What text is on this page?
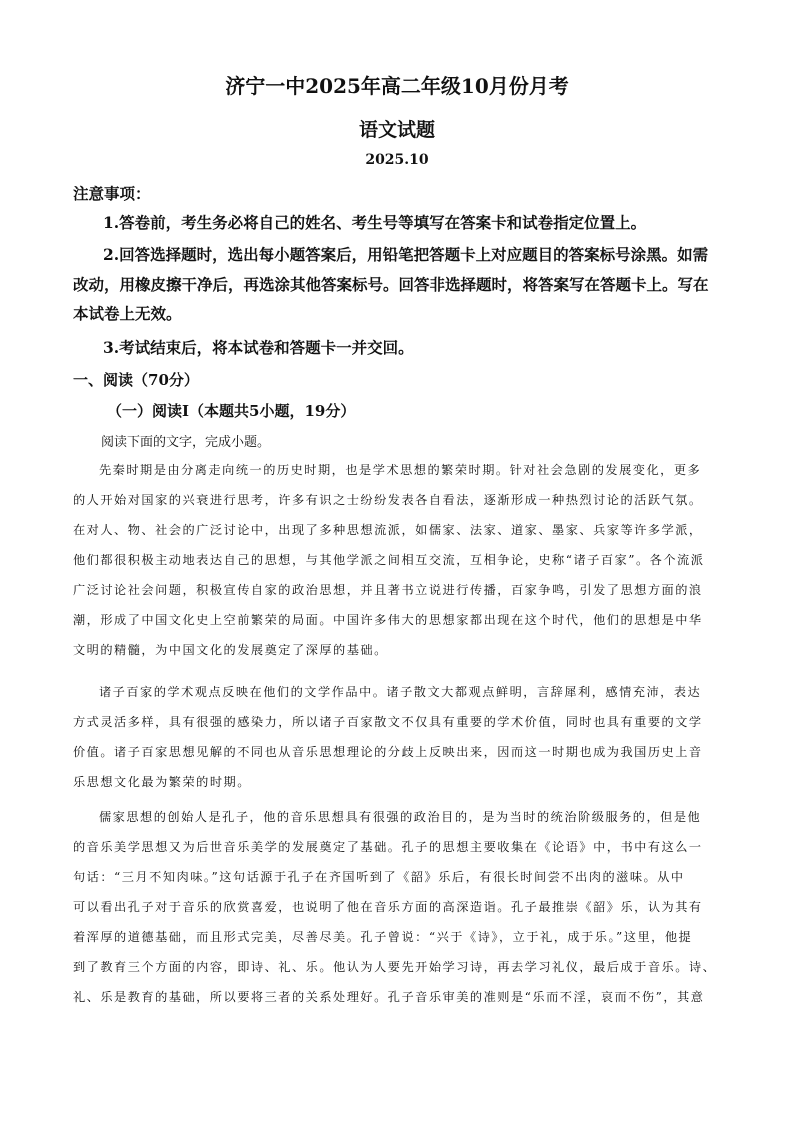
济宁一中2025年高二年级10月份月考
语文试题
2025.10
注意事项：
1.答卷前，考生务必将自己的姓名、考生号等填写在答案卡和试卷指定位置上。
2.回答选择题时，选出每小题答案后，用铅笔把答题卡上对应题目的答案标号涂黑。如需改动，用橡皮擦干净后，再选涂其他答案标号。回答非选择题时，将答案写在答题卡上。写在本试卷上无效。
3.考试结束后，将本试卷和答题卡一并交回。
一、阅读（70分）
（一）阅读Ⅰ（本题共5小题，19分）
阅读下面的文字，完成小题。
先秦时期是由分离走向统一的历史时期，也是学术思想的繁荣时期。针对社会急剧的发展变化，更多
的人开始对国家的兴衰进行思考，许多有识之士纷纷发表各自看法，逐渐形成一种热烈讨论的活跃气氛。
在对人、物、社会的广泛讨论中，出现了多种思想流派，如儒家、法家、道家、墨家、兵家等许多学派，
他们都很积极主动地表达自己的思想，与其他学派之间相互交流，互相争论，史称“诸子百家”。各个流派
广泛讨论社会问题，积极宣传自家的政治思想，并且著书立说进行传播，百家争鸣，引发了思想方面的浪
潮，形成了中国文化史上空前繁荣的局面。中国许多伟大的思想家都出现在这个时代，他们的思想是中华
文明的精髓，为中国文化的发展奠定了深厚的基础。
诸子百家的学术观点反映在他们的文学作品中。诸子散文大都观点鲜明，言辞犀利，感情充沛，表达
方式灵活多样，具有很强的感染力，所以诸子百家散文不仅具有重要的学术价值，同时也具有重要的文学
价值。诸子百家思想见解的不同也从音乐思想理论的分歧上反映出来，因而这一时期也成为我国历史上音
乐思想文化最为繁荣的时期。
儒家思想的创始人是孔子，他的音乐思想具有很强的政治目的，是为当时的统治阶级服务的，但是他
的音乐美学思想又为后世音乐美学的发展奠定了基础。孔子的思想主要收集在《论语》中，书中有这么一
句话：“三月不知肉味。”这句话源于孔子在齐国听到了《韶》乐后，有很长时间尝不出肉的滋味。从中
可以看出孔子对于音乐的欣赏喜爱，也说明了他在音乐方面的高深造诣。孔子最推崇《韶》乐，认为其有
着浑厚的道德基础，而且形式完美，尽善尽美。孔子曾说：“兴于《诗》，立于礼，成于乐。”这里，他提
到了教育三个方面的内容，即诗、礼、乐。他认为人要先开始学习诗，再去学习礼仪，最后成于音乐。诗、
礼、乐是教育的基础，所以要将三者的关系处理好。孔子音乐审美的准则是“乐而不淫，哀而不伤”，其意
